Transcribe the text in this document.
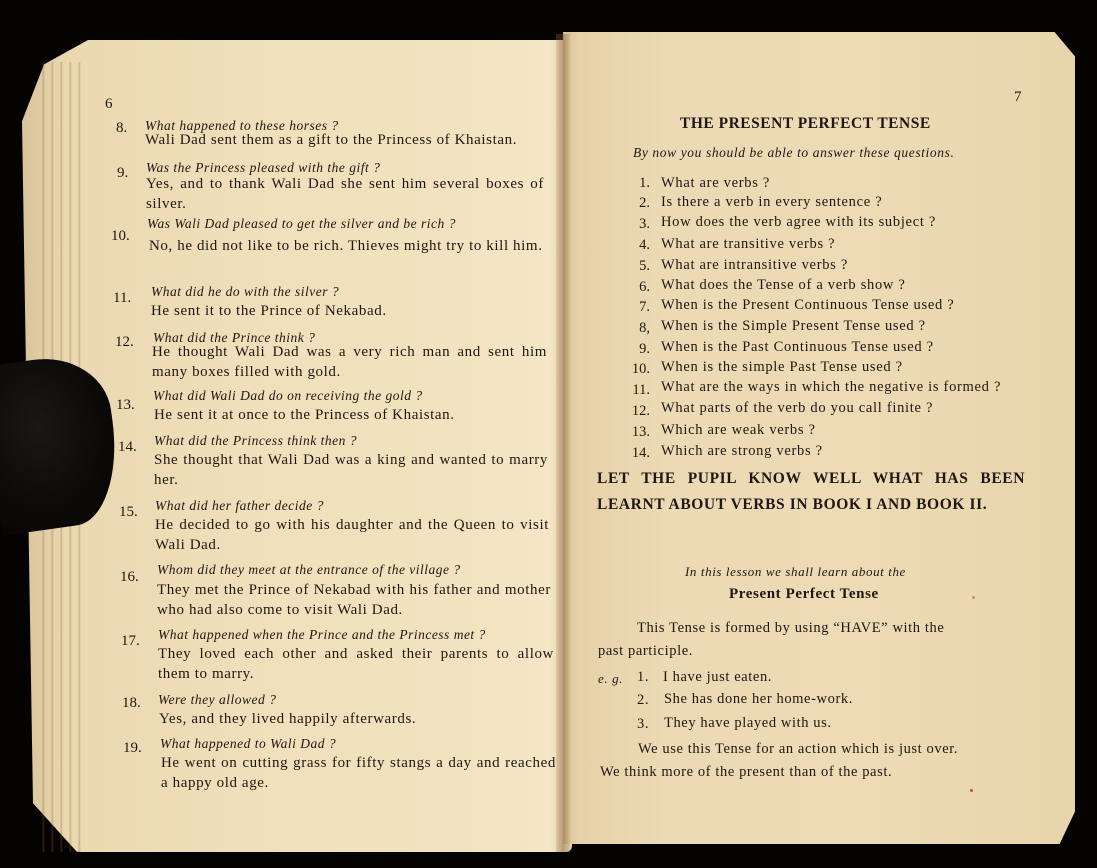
6
8. What happened to these horses ?
Wali Dad sent them as a gift to the Princess of Khaistan.
9. Was the Princess pleased with the gift ?
Yes, and to thank Wali Dad she sent him several boxes of silver.
10.
Was Wali Dad pleased to get the silver and be rich ?
No, he did not like to be rich. Thieves might try to kill him.
11. What did he do with the silver ?
He sent it to the Prince of Nekabad.
12. What did the Prince think ?
He thought Wali Dad was a very rich man and sent him many boxes filled with gold.
13.
What did Wali Dad do on receiving the gold ?
He sent it at once to the Princess of Khaistan.
14. What did the Princess think then ?
She thought that Wali Dad was a king and wanted to marry her.
15. What did her father decide ?
He decided to go with his daughter and the Queen to visit Wali Dad.
16. Whom did they meet at the entrance of the village ?
They met the Prince of Nekabad with his father and mother who had also come to visit Wali Dad.
17. What happened when the Prince and the Princess met ?
They loved each other and asked their parents to allow them to marry.
18. Were they allowed ?
Yes, and they lived happily afterwards.
19. What happened to Wali Dad ?
He went on cutting grass for fifty stangs a day and reached a happy old age.
7
THE PRESENT PERFECT TENSE
By now you should be able to answer these questions.
1. What are verbs ?
2. Is there a verb in every sentence ?
3. How does the verb agree with its subject ?
4. What are transitive verbs ?
5. What are intransitive verbs ?
6. What does the Tense of a verb show ?
7. When is the Present Continuous Tense used ?
8, When is the Simple Present Tense used ?
9. When is the Past Continuous Tense used ?
10. When is the simple Past Tense used ?
11. What are the ways in which the negative is formed ?
12. What parts of the verb do you call finite ?
13. Which are weak verbs ?
14. Which are strong verbs ?
LET THE PUPIL KNOW WELL WHAT HAS BEEN LEARNT ABOUT VERBS IN BOOK I AND BOOK II.
In this lesson we shall learn about the
Present Perfect Tense
This Tense is formed by using “HAVE” with the
past participle.
e. g. 1. I have just eaten.
2. She has done her home-work.
3. They have played with us.
We use this Tense for an action which is just over.
We think more of the present than of the past.
